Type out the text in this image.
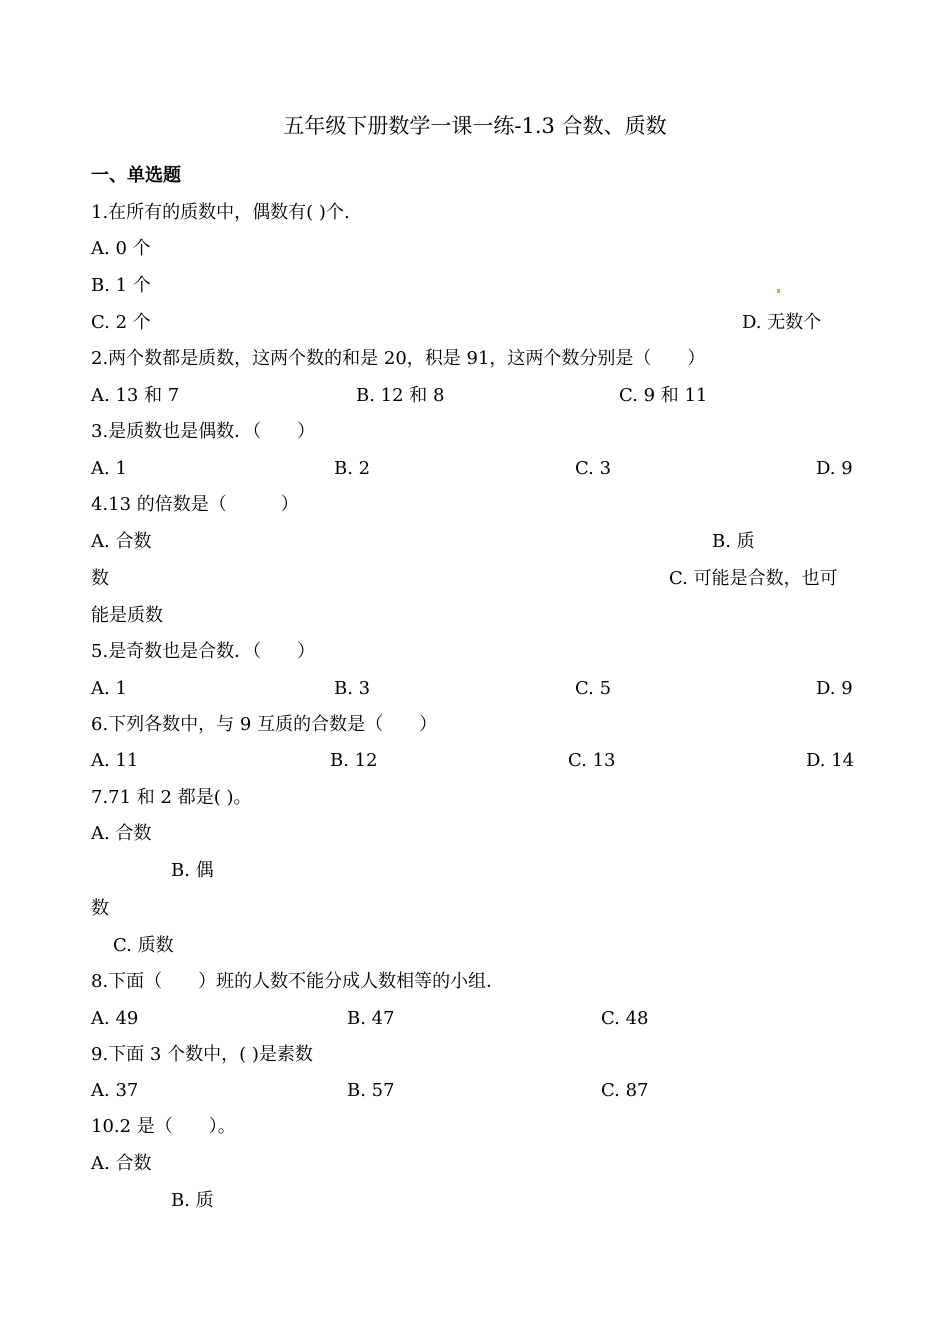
五年级下册数学一课一练-1.3 合数、质数
一、单选题
1.在所有的质数中，偶数有( )个.
A. 0 个
B. 1 个
C. 2 个	D. 无数个
2.两个数都是质数，这两个数的和是 20，积是 91，这两个数分别是（　　）
A. 13 和 7	B. 12 和 8	C. 9 和 11
3.是质数也是偶数．（　　）
A. 1	B. 2	C. 3	D. 9
4.13 的倍数是（　　　）
A. 合数	B. 质
数	C. 可能是合数，也可
能是质数
5.是奇数也是合数．（　　）
A. 1	B. 3	C. 5	D. 9
6.下列各数中，与 9 互质的合数是（　　）
A. 11	B. 12	C. 13	D. 14
7.71 和 2 都是( )。
A. 合数
B. 偶
数
C. 质数
8.下面（　　）班的人数不能分成人数相等的小组．
A. 49	B. 47	C. 48
9.下面 3 个数中，( )是素数
A. 37	B. 57	C. 87
10.2 是（　　）。
A. 合数
B. 质
